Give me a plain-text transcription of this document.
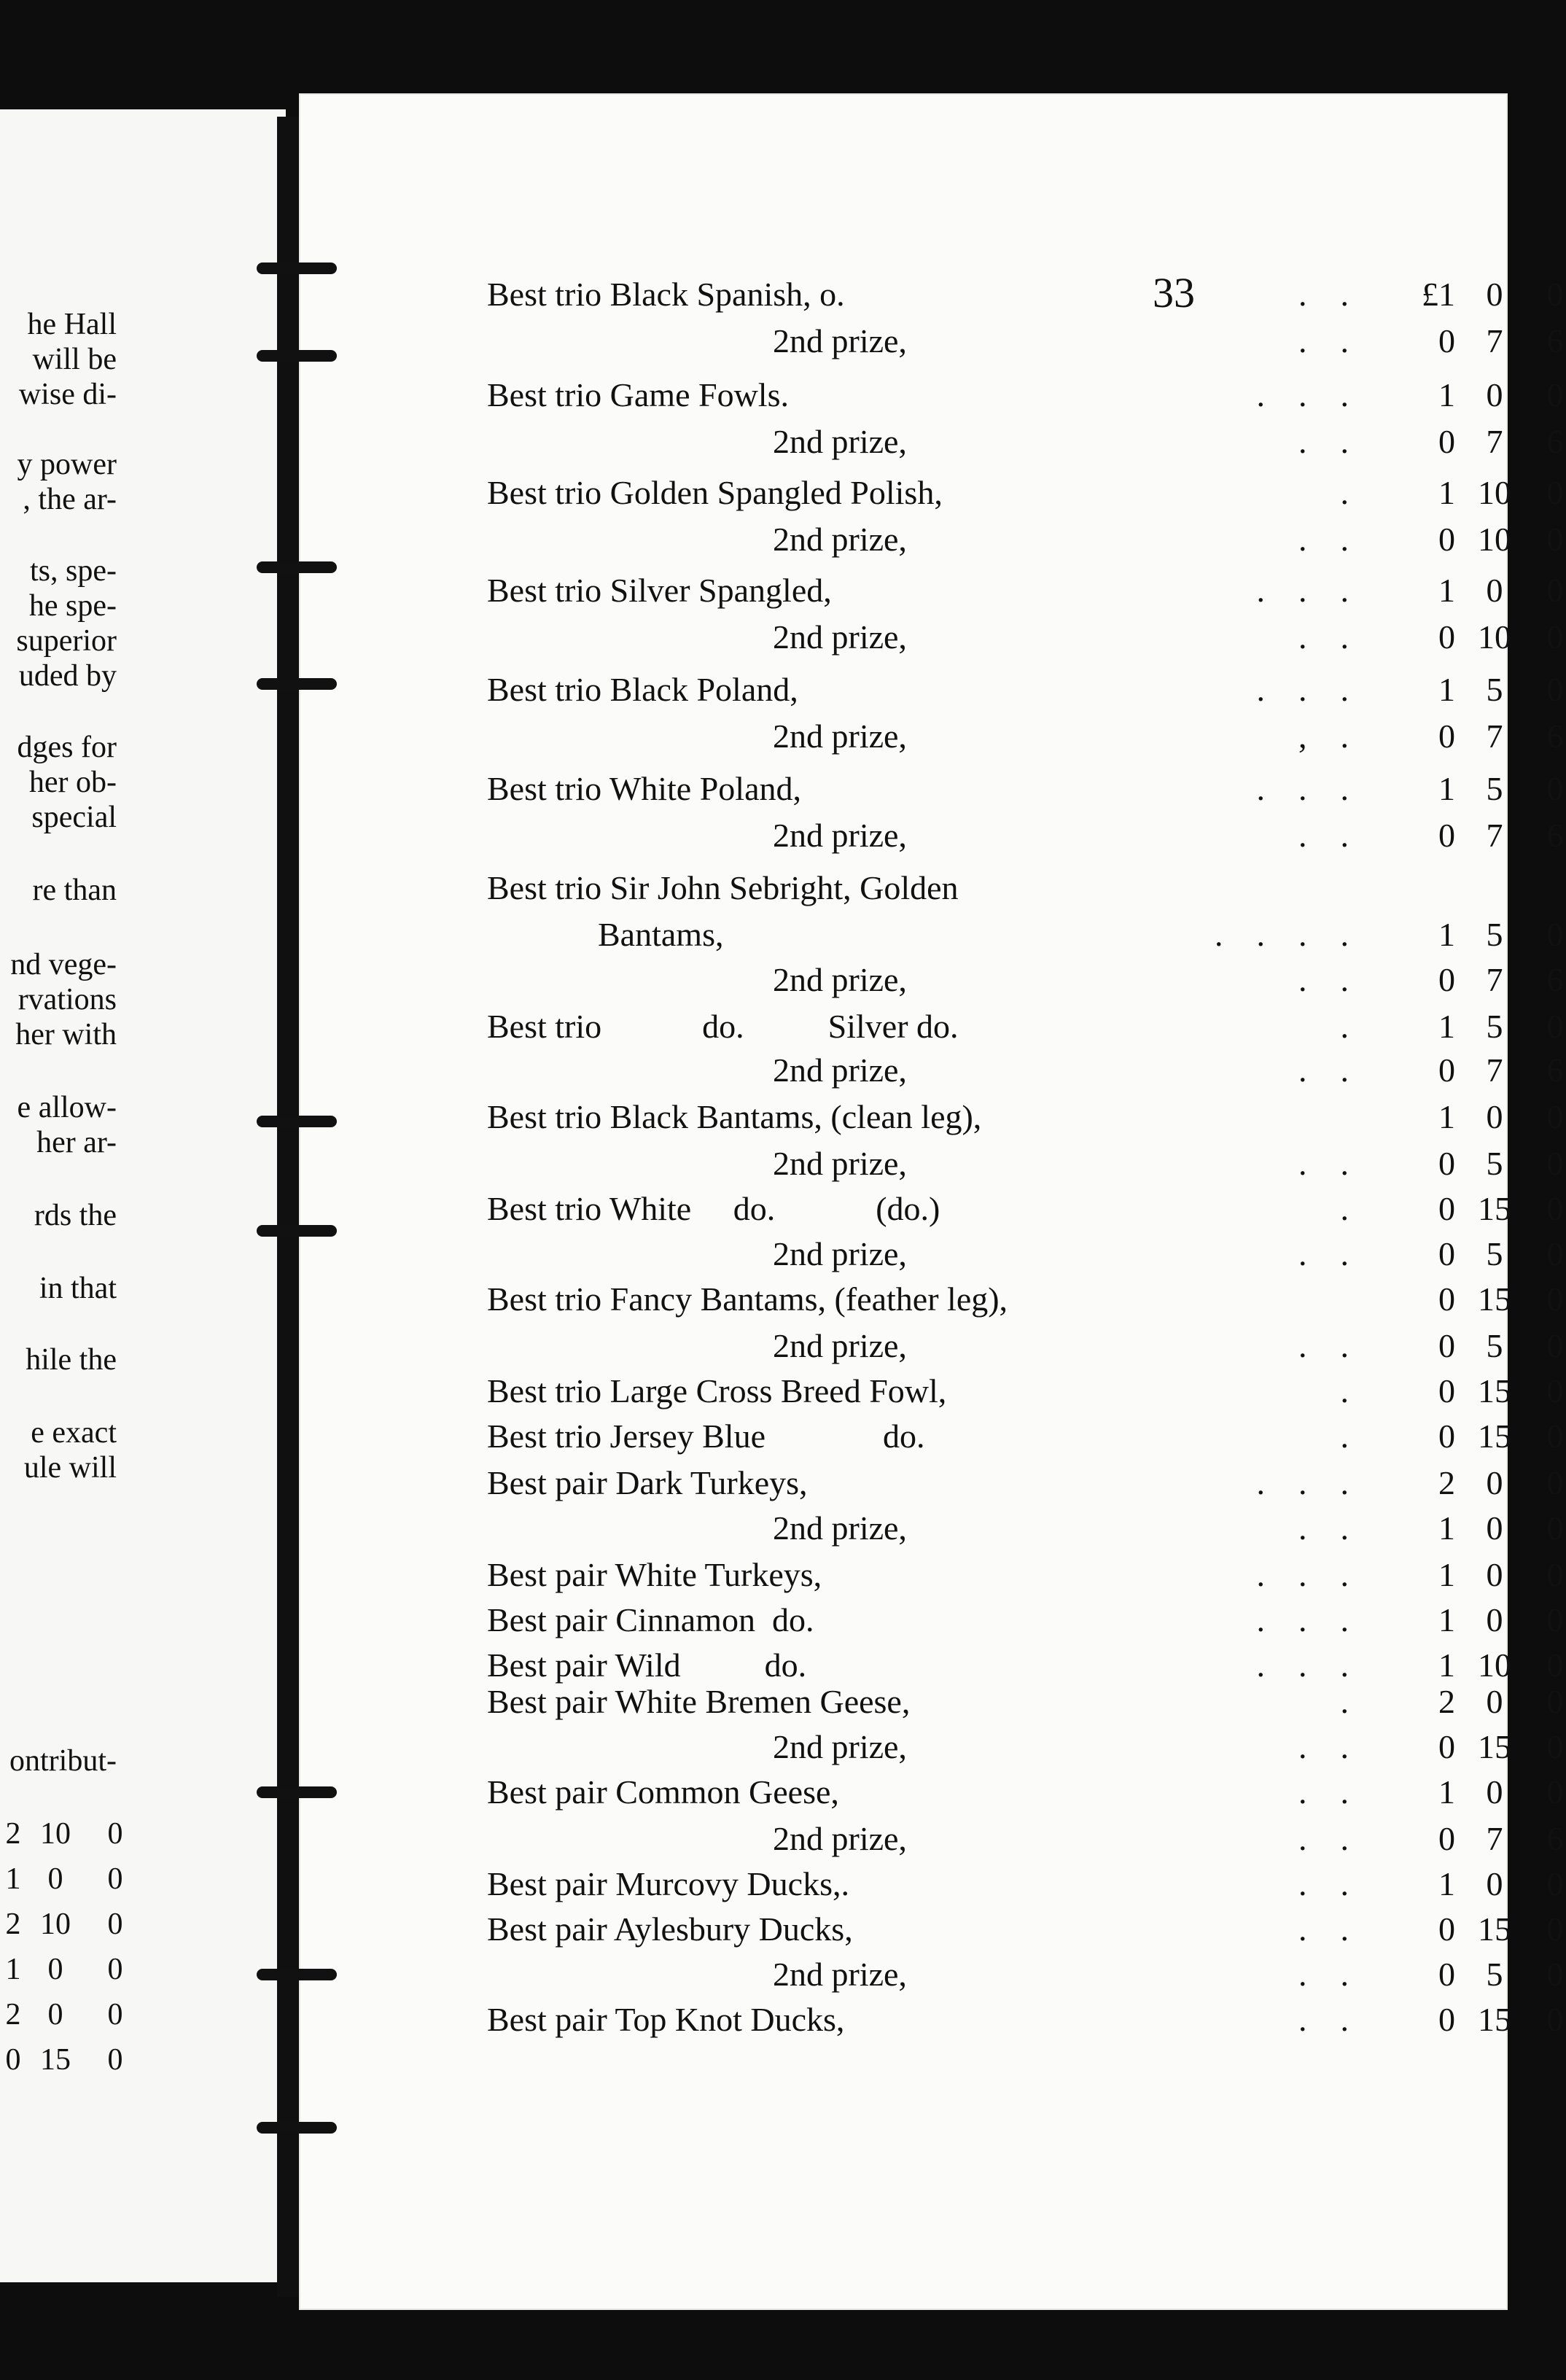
he Hall
will be
wise di-
y power
, the ar-
ts, spe-
he spe-
superior
uded by
dges for
her ob-
special
re than
nd vege-
rvations
her with
e allow-
her ar-
rds the
in that
hile the
e exact
ule will
ontribut-
2 10 0
1 0	0
2 10 0
1 0	0
2 0	0
0 15 0
33
Best trio Black Spanish, o.	.    .	£1 0	0
2nd prize,	.    .	0 7	6
Best trio Game Fowls.	.    .    .	1 0	0
2nd prize,	.    .	0 7	6
Best trio Golden Spangled Polish,	.	1 10	0
2nd prize,	.    .	0 10	0
Best trio Silver Spangled,	.    .    .	1 0	0
2nd prize,	.    .	0 10	0
Best trio Black Poland,	.    .    .	1 5	0
2nd prize,	,    .	0 7	6
Best trio White Poland,	.    .    .	1 5	0
2nd prize,	.    .	0 7	6
Best trio Sir John Sebright, Golden
Bantams,	.    .    .    .	1 5	0
2nd prize,	.    .	0 7	6
Best trio            do.          Silver do.	.	1 5	0
2nd prize,	.    .	0 7	6
Best trio Black Bantams, (clean leg),	1 0	0
2nd prize,	.    .	0 5	0
Best trio White     do.            (do.)	.	0 15	0
2nd prize,	.    .	0 5	0
Best trio Fancy Bantams, (feather leg),	0 15	0
2nd prize,	.    .	0 5	0
Best trio Large Cross Breed Fowl,	.	0 15	0
Best trio Jersey Blue              do.	.	0 15	0
Best pair Dark Turkeys,	.    .    .	2 0	0
2nd prize,	.    .	1 0	0
Best pair White Turkeys,	.    .    .	1 0	0
Best pair Cinnamon  do.	.    .    .	1 0	0
Best pair Wild          do.	.    .    .	1 10	0
Best pair White Bremen Geese,	.	2 0	0
2nd prize,	.    .	0 15	0
Best pair Common Geese,	.    .	1 0	0
2nd prize,	.    .	0 7	6
Best pair Murcovy Ducks,.	.    .	1 0	0
Best pair Aylesbury Ducks,	.    .	0 15	0
2nd prize,	.    .	0 5	0
Best pair Top Knot Ducks,	.    .	0 15	0
